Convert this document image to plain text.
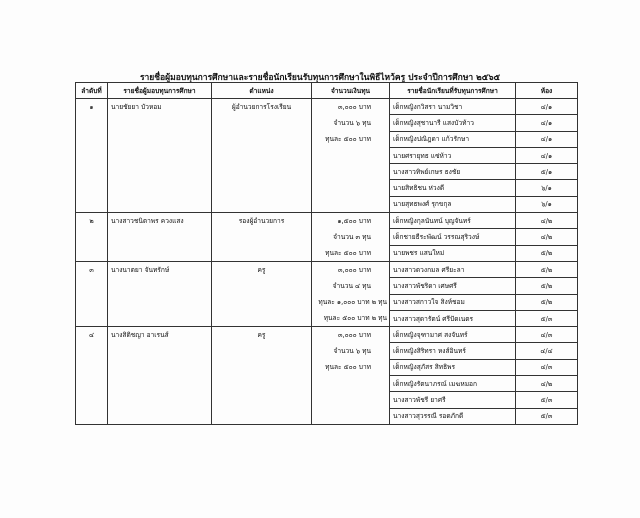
รายชื่อผู้มอบทุนการศึกษาและรายชื่อนักเรียนรับทุนการศึกษาในพิธีไหว้ครู ประจำปีการศึกษา ๒๕๖๕
ลำดับที่	รายชื่อผู้มอบทุนการศึกษา	ตำแหน่ง	จำนวนเงินทุน	รายชื่อนักเรียนที่รับทุนการศึกษา	ห้อง
๑	นายชัยยา บัวหอม	ผู้อำนวยการโรงเรียน	๓,๐๐๐ บาท	เด็กหญิงกวิสรา นามวิชา	๔/๑
			จำนวน ๖ ทุน	เด็กหญิงสุชานารี แสงบัวท้าว	๔/๑
			ทุนละ ๕๐๐ บาท	เด็กหญิงปณิฎดา แก้วรักษา	๔/๑
				นายศรายุทธ แซ่ห้าว	๔/๑
				นางสาวทิพย์เกษร ธงชัย	๕/๑
				นายสิทธิชน ห่วงดี	๖/๑
				นายสุทธพงศ์ รุกขกุล	๖/๑
๒	นางสาวชนิตาพร ควงแสง	รองผู้อำนวยการ	๑,๕๐๐ บาท	เด็กหญิงกุลนันทน์ บุญจันทร์	๔/๒
			จำนวน ๓ ทุน	เด็กชายธีระพัฒน์ วรรณสุริวงษ์	๔/๒
			ทุนละ ๕๐๐ บาท	นายพชร แสนใหม่	๕/๒
๓	นางนาตยา จันทรักษ์	ครู	๓,๐๐๐ บาท	นางสาวดวงกมล ศรียะลา	๕/๒
			จำนวน ๔ ทุน	นางสาวพัชริดา เศษศรี	๕/๒
			ทุนละ ๑,๐๐๐ บาท ๒ ทุน	นางสาวสกาวใจ สิงห์ชอม	๕/๒
			ทุนละ ๕๐๐ บาท ๒ ทุน	นางสาวสุดารัตน์ ศรีปัดเนตร	๕/๓
๔	นางสิติชญา อาเรนส์	ครู	๓,๐๐๐ บาท	เด็กหญิงจุฑามาศ สงจันทร์	๔/๓
			จำนวน ๖ ทุน	เด็กหญิงสิริทรา หงส์อินทร์	๔/๔
			ทุนละ ๕๐๐ บาท	เด็กหญิงสุภัสร สิทธิพร	๔/๓
				เด็กหญิงรัตนาภรณ์ เมฆหมอก	๔/๒
				นางสาวพัชรี ยาศรี	๕/๓
				นางสาวสุวรรณี รอดภักดี	๕/๓
